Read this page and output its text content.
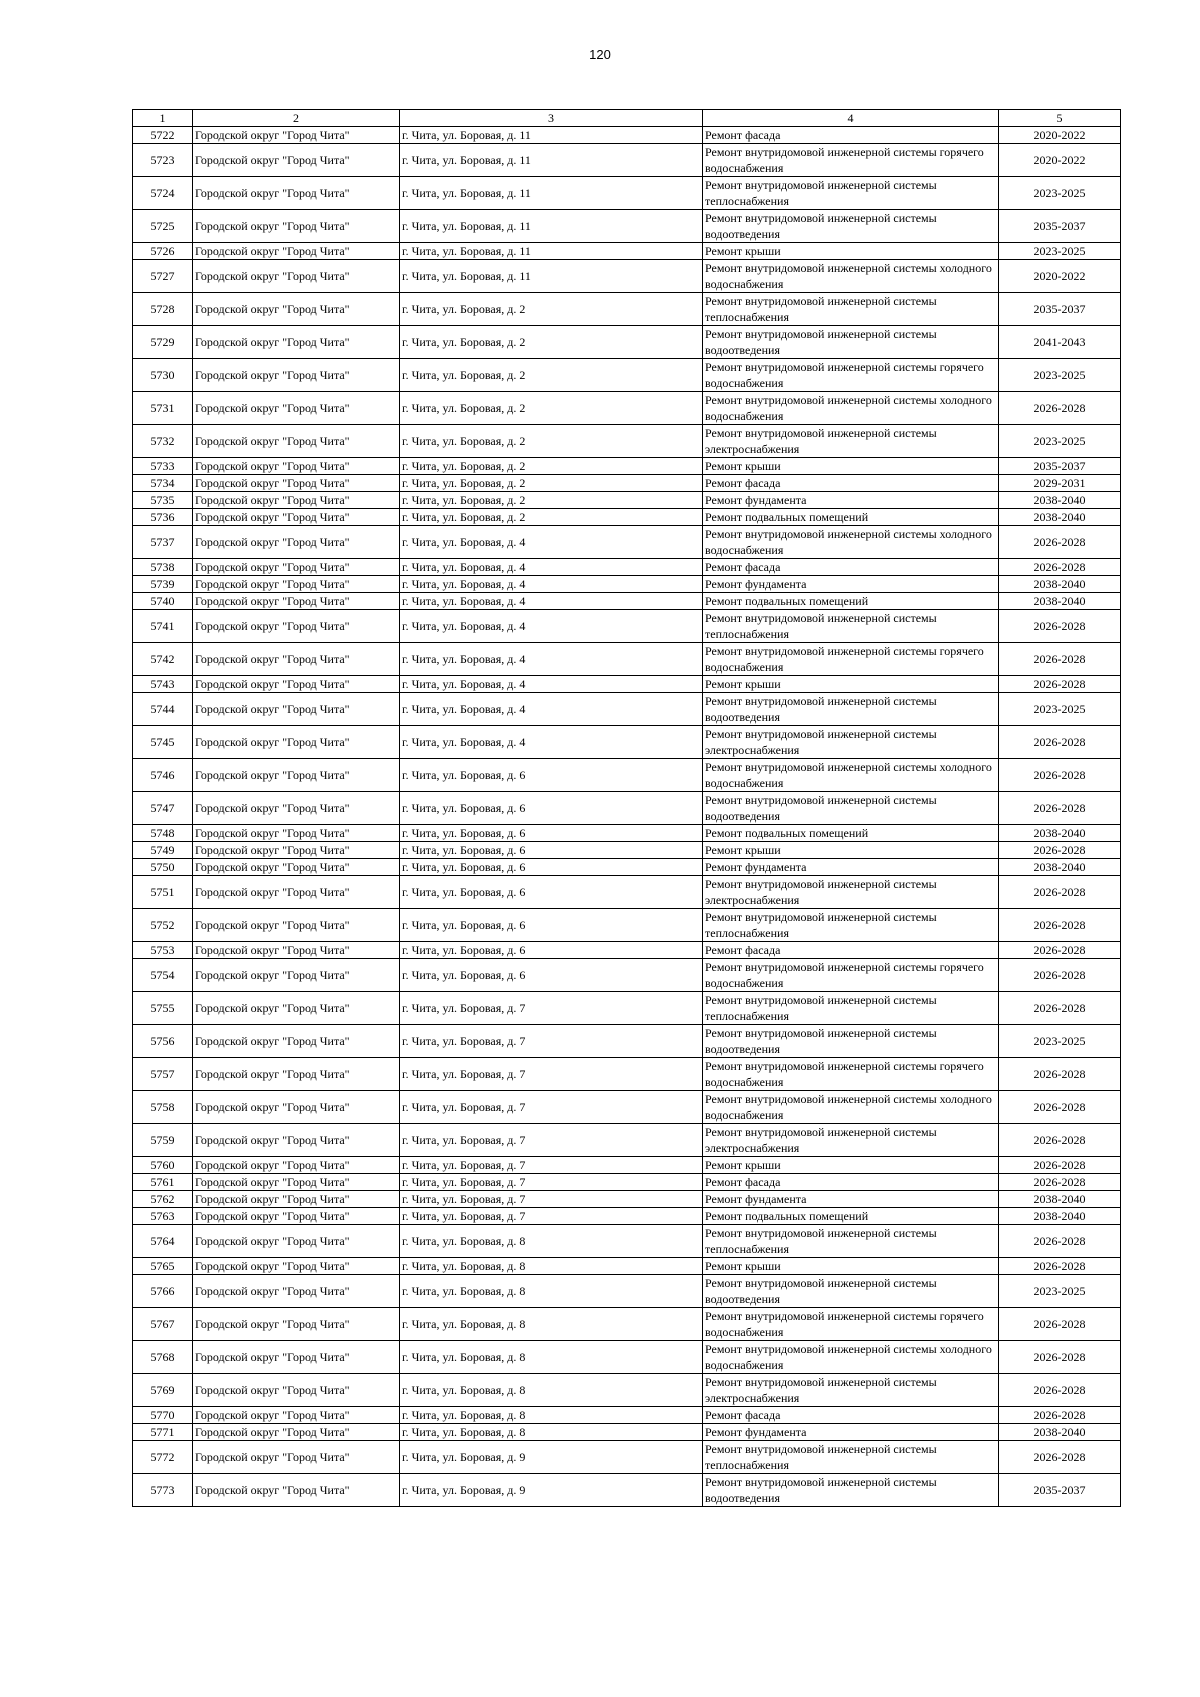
120
1	2	3	4	5
5722	Городской округ "Город Чита"	г. Чита, ул. Боровая, д. 11	Ремонт фасада	2020-2022
5723	Городской округ "Город Чита"	г. Чита, ул. Боровая, д. 11	Ремонт внутридомовой инженерной системы горячего водоснабжения	2020-2022
5724	Городской округ "Город Чита"	г. Чита, ул. Боровая, д. 11	Ремонт внутридомовой инженерной системы теплоснабжения	2023-2025
5725	Городской округ "Город Чита"	г. Чита, ул. Боровая, д. 11	Ремонт внутридомовой инженерной системы водоотведения	2035-2037
5726	Городской округ "Город Чита"	г. Чита, ул. Боровая, д. 11	Ремонт крыши	2023-2025
5727	Городской округ "Город Чита"	г. Чита, ул. Боровая, д. 11	Ремонт внутридомовой инженерной системы холодного водоснабжения	2020-2022
5728	Городской округ "Город Чита"	г. Чита, ул. Боровая, д. 2	Ремонт внутридомовой инженерной системы теплоснабжения	2035-2037
5729	Городской округ "Город Чита"	г. Чита, ул. Боровая, д. 2	Ремонт внутридомовой инженерной системы водоотведения	2041-2043
5730	Городской округ "Город Чита"	г. Чита, ул. Боровая, д. 2	Ремонт внутридомовой инженерной системы горячего водоснабжения	2023-2025
5731	Городской округ "Город Чита"	г. Чита, ул. Боровая, д. 2	Ремонт внутридомовой инженерной системы холодного водоснабжения	2026-2028
5732	Городской округ "Город Чита"	г. Чита, ул. Боровая, д. 2	Ремонт внутридомовой инженерной системы электроснабжения	2023-2025
5733	Городской округ "Город Чита"	г. Чита, ул. Боровая, д. 2	Ремонт крыши	2035-2037
5734	Городской округ "Город Чита"	г. Чита, ул. Боровая, д. 2	Ремонт фасада	2029-2031
5735	Городской округ "Город Чита"	г. Чита, ул. Боровая, д. 2	Ремонт фундамента	2038-2040
5736	Городской округ "Город Чита"	г. Чита, ул. Боровая, д. 2	Ремонт подвальных помещений	2038-2040
5737	Городской округ "Город Чита"	г. Чита, ул. Боровая, д. 4	Ремонт внутридомовой инженерной системы холодного водоснабжения	2026-2028
5738	Городской округ "Город Чита"	г. Чита, ул. Боровая, д. 4	Ремонт фасада	2026-2028
5739	Городской округ "Город Чита"	г. Чита, ул. Боровая, д. 4	Ремонт фундамента	2038-2040
5740	Городской округ "Город Чита"	г. Чита, ул. Боровая, д. 4	Ремонт подвальных помещений	2038-2040
5741	Городской округ "Город Чита"	г. Чита, ул. Боровая, д. 4	Ремонт внутридомовой инженерной системы теплоснабжения	2026-2028
5742	Городской округ "Город Чита"	г. Чита, ул. Боровая, д. 4	Ремонт внутридомовой инженерной системы горячего водоснабжения	2026-2028
5743	Городской округ "Город Чита"	г. Чита, ул. Боровая, д. 4	Ремонт крыши	2026-2028
5744	Городской округ "Город Чита"	г. Чита, ул. Боровая, д. 4	Ремонт внутридомовой инженерной системы водоотведения	2023-2025
5745	Городской округ "Город Чита"	г. Чита, ул. Боровая, д. 4	Ремонт внутридомовой инженерной системы электроснабжения	2026-2028
5746	Городской округ "Город Чита"	г. Чита, ул. Боровая, д. 6	Ремонт внутридомовой инженерной системы холодного водоснабжения	2026-2028
5747	Городской округ "Город Чита"	г. Чита, ул. Боровая, д. 6	Ремонт внутридомовой инженерной системы водоотведения	2026-2028
5748	Городской округ "Город Чита"	г. Чита, ул. Боровая, д. 6	Ремонт подвальных помещений	2038-2040
5749	Городской округ "Город Чита"	г. Чита, ул. Боровая, д. 6	Ремонт крыши	2026-2028
5750	Городской округ "Город Чита"	г. Чита, ул. Боровая, д. 6	Ремонт фундамента	2038-2040
5751	Городской округ "Город Чита"	г. Чита, ул. Боровая, д. 6	Ремонт внутридомовой инженерной системы электроснабжения	2026-2028
5752	Городской округ "Город Чита"	г. Чита, ул. Боровая, д. 6	Ремонт внутридомовой инженерной системы теплоснабжения	2026-2028
5753	Городской округ "Город Чита"	г. Чита, ул. Боровая, д. 6	Ремонт фасада	2026-2028
5754	Городской округ "Город Чита"	г. Чита, ул. Боровая, д. 6	Ремонт внутридомовой инженерной системы горячего водоснабжения	2026-2028
5755	Городской округ "Город Чита"	г. Чита, ул. Боровая, д. 7	Ремонт внутридомовой инженерной системы теплоснабжения	2026-2028
5756	Городской округ "Город Чита"	г. Чита, ул. Боровая, д. 7	Ремонт внутридомовой инженерной системы водоотведения	2023-2025
5757	Городской округ "Город Чита"	г. Чита, ул. Боровая, д. 7	Ремонт внутридомовой инженерной системы горячего водоснабжения	2026-2028
5758	Городской округ "Город Чита"	г. Чита, ул. Боровая, д. 7	Ремонт внутридомовой инженерной системы холодного водоснабжения	2026-2028
5759	Городской округ "Город Чита"	г. Чита, ул. Боровая, д. 7	Ремонт внутридомовой инженерной системы электроснабжения	2026-2028
5760	Городской округ "Город Чита"	г. Чита, ул. Боровая, д. 7	Ремонт крыши	2026-2028
5761	Городской округ "Город Чита"	г. Чита, ул. Боровая, д. 7	Ремонт фасада	2026-2028
5762	Городской округ "Город Чита"	г. Чита, ул. Боровая, д. 7	Ремонт фундамента	2038-2040
5763	Городской округ "Город Чита"	г. Чита, ул. Боровая, д. 7	Ремонт подвальных помещений	2038-2040
5764	Городской округ "Город Чита"	г. Чита, ул. Боровая, д. 8	Ремонт внутридомовой инженерной системы теплоснабжения	2026-2028
5765	Городской округ "Город Чита"	г. Чита, ул. Боровая, д. 8	Ремонт крыши	2026-2028
5766	Городской округ "Город Чита"	г. Чита, ул. Боровая, д. 8	Ремонт внутридомовой инженерной системы водоотведения	2023-2025
5767	Городской округ "Город Чита"	г. Чита, ул. Боровая, д. 8	Ремонт внутридомовой инженерной системы горячего водоснабжения	2026-2028
5768	Городской округ "Город Чита"	г. Чита, ул. Боровая, д. 8	Ремонт внутридомовой инженерной системы холодного водоснабжения	2026-2028
5769	Городской округ "Город Чита"	г. Чита, ул. Боровая, д. 8	Ремонт внутридомовой инженерной системы электроснабжения	2026-2028
5770	Городской округ "Город Чита"	г. Чита, ул. Боровая, д. 8	Ремонт фасада	2026-2028
5771	Городской округ "Город Чита"	г. Чита, ул. Боровая, д. 8	Ремонт фундамента	2038-2040
5772	Городской округ "Город Чита"	г. Чита, ул. Боровая, д. 9	Ремонт внутридомовой инженерной системы теплоснабжения	2026-2028
5773	Городской округ "Город Чита"	г. Чита, ул. Боровая, д. 9	Ремонт внутридомовой инженерной системы водоотведения	2035-2037
